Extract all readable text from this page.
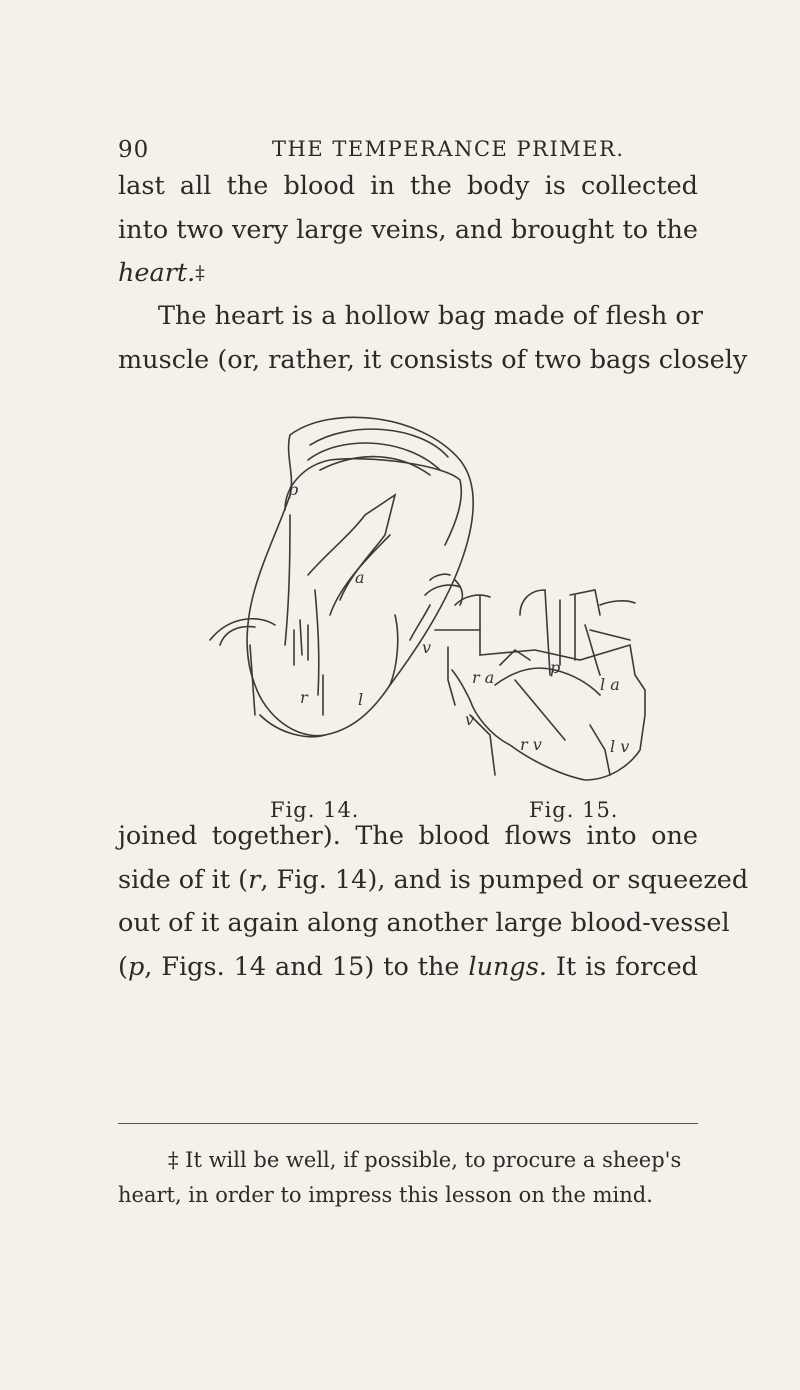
90	THE TEMPERANCE PRIMER.
last all the blood in the body is collected
into two very large veins, and brought to the
heart.‡
The heart is a hollow bag made of flesh or
muscle (or, rather, it consists of two bags closely
p
a
r	l
v
r a	l a
p
v
r v	l v
Fig. 14.	Fig. 15.
joined together). The blood flows into one
side of it (r, Fig. 14), and is pumped or squeezed
out of it again along another large blood-vessel
(p, Figs. 14 and 15) to the lungs. It is forced
‡ It will be well, if possible, to procure a sheep's
heart, in order to impress this lesson on the mind.
